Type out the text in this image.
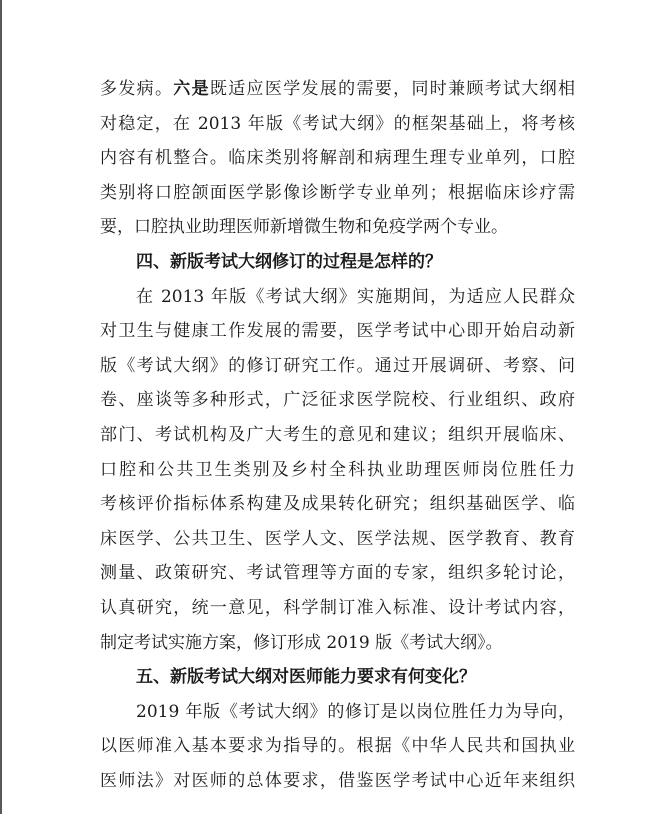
多发病。六是既适应医学发展的需要，同时兼顾考试大纲相
对稳定，在 2013 年版《考试大纲》的框架基础上，将考核
内容有机整合。临床类别将解剖和病理生理专业单列，口腔
类别将口腔颌面医学影像诊断学专业单列；根据临床诊疗需
要，口腔执业助理医师新增微生物和免疫学两个专业。
四、新版考试大纲修订的过程是怎样的？
在 2013 年版《考试大纲》实施期间，为适应人民群众
对卫生与健康工作发展的需要，医学考试中心即开始启动新
版《考试大纲》的修订研究工作。通过开展调研、考察、问
卷、座谈等多种形式，广泛征求医学院校、行业组织、政府
部门、考试机构及广大考生的意见和建议；组织开展临床、
口腔和公共卫生类别及乡村全科执业助理医师岗位胜任力
考核评价指标体系构建及成果转化研究；组织基础医学、临
床医学、公共卫生、医学人文、医学法规、医学教育、教育
测量、政策研究、考试管理等方面的专家，组织多轮讨论，
认真研究，统一意见，科学制订准入标准、设计考试内容，
制定考试实施方案，修订形成 2019 版《考试大纲》。
五、新版考试大纲对医师能力要求有何变化？
2019 年版《考试大纲》的修订是以岗位胜任力为导向，
以医师准入基本要求为指导的。根据《中华人民共和国执业
医师法》对医师的总体要求，借鉴医学考试中心近年来组织
